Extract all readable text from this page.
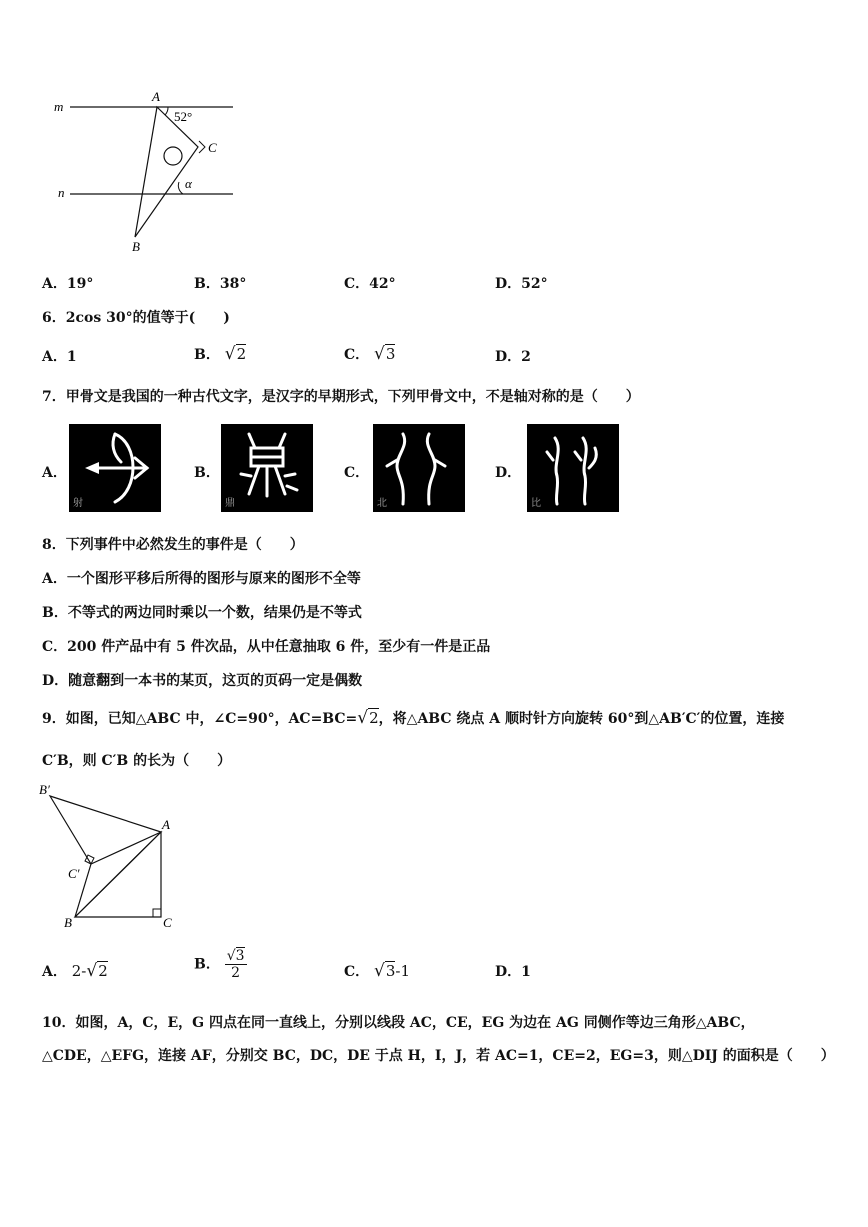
m
n
A
52°
C
α
B
A．19°	B．38°	C．42°	D．52°
6．2cos 30°的值等于(　　)
A．1	B． √2	C． √3	D．2
7．甲骨文是我国的一种古代文字，是汉字的早期形式，下列甲骨文中，不是轴对称的是（　　）
A．
射
B．
鼎
C．
北
D．
比
8．下列事件中必然发生的事件是（　　）
A．一个图形平移后所得的图形与原来的图形不全等
B．不等式的两边同时乘以一个数，结果仍是不等式
C．200 件产品中有 5 件次品，从中任意抽取 6 件，至少有一件是正品
D．随意翻到一本书的某页，这页的页码一定是偶数
9．如图，已知△ABC 中，∠C=90°，AC=BC=√2，将△ABC 绕点 A 顺时针方向旋转 60°到△AB′C′的位置，连接
C′B，则 C′B 的长为（　　）
B′
A
C′
B	C
A． 2-√2	B． $\frac{√3}{2}$	C． √3-1	D．1
10．如图，A，C，E，G 四点在同一直线上，分别以线段 AC，CE，EG 为边在 AG 同侧作等边三角形△ABC，
△CDE，△EFG，连接 AF，分别交 BC，DC，DE 于点 H，I，J，若 AC=1，CE=2，EG=3，则△DIJ 的面积是（　　）
